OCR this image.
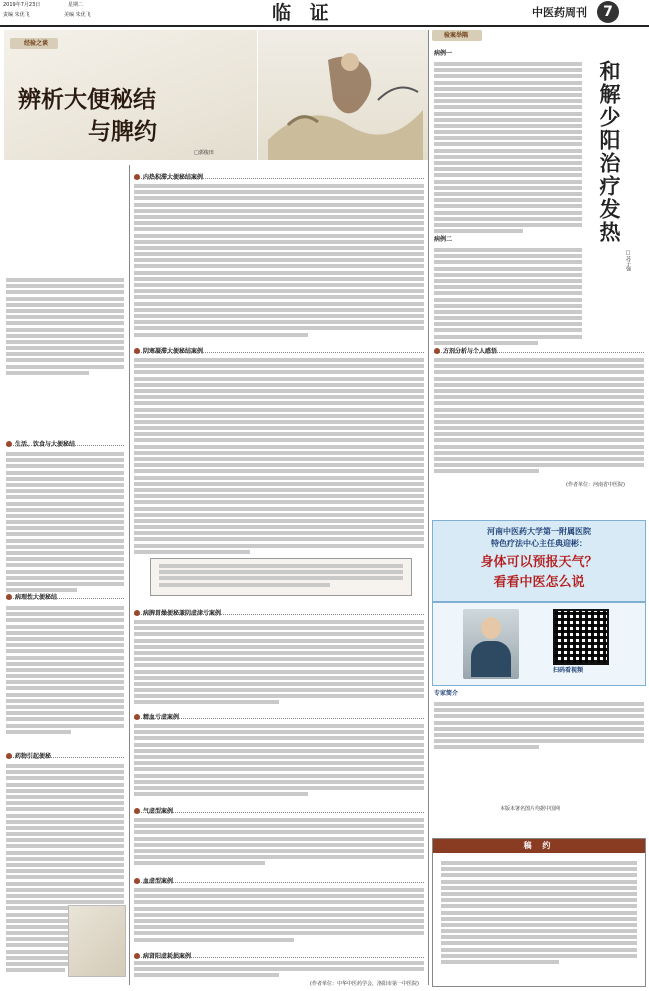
2019年7月23日	星期二
责编 朱优飞	美编 朱优飞	临 证	中医药周刊	7
经验之谈
辨析大便秘结
与脾约
□郭俊田
生活、饮食与大便秘结
病理性大便秘结
药物引起便秘
内热积滞大便秘结案例
阴寒凝滞大便秘结案例
病脾胃燥便秘兼阴虚津亏案例
精血亏虚案例
气虚型案例
血虚型案例
病肾阳虚耗损案例
(作者单位：中华中医药学会，洛阳市第一中医院)
验案举隅
病例一
和解少阳治疗发热
□苏子强
病例二
方剂分析与个人感悟
(作者单位：河南省中医院)
河南中医药大学第一附属医院
特色疗法中心主任典迎彬：
身体可以预报天气？
看看中医怎么说
扫码看视频
专家简介
本版未署名图片均据中国网
稿 约
